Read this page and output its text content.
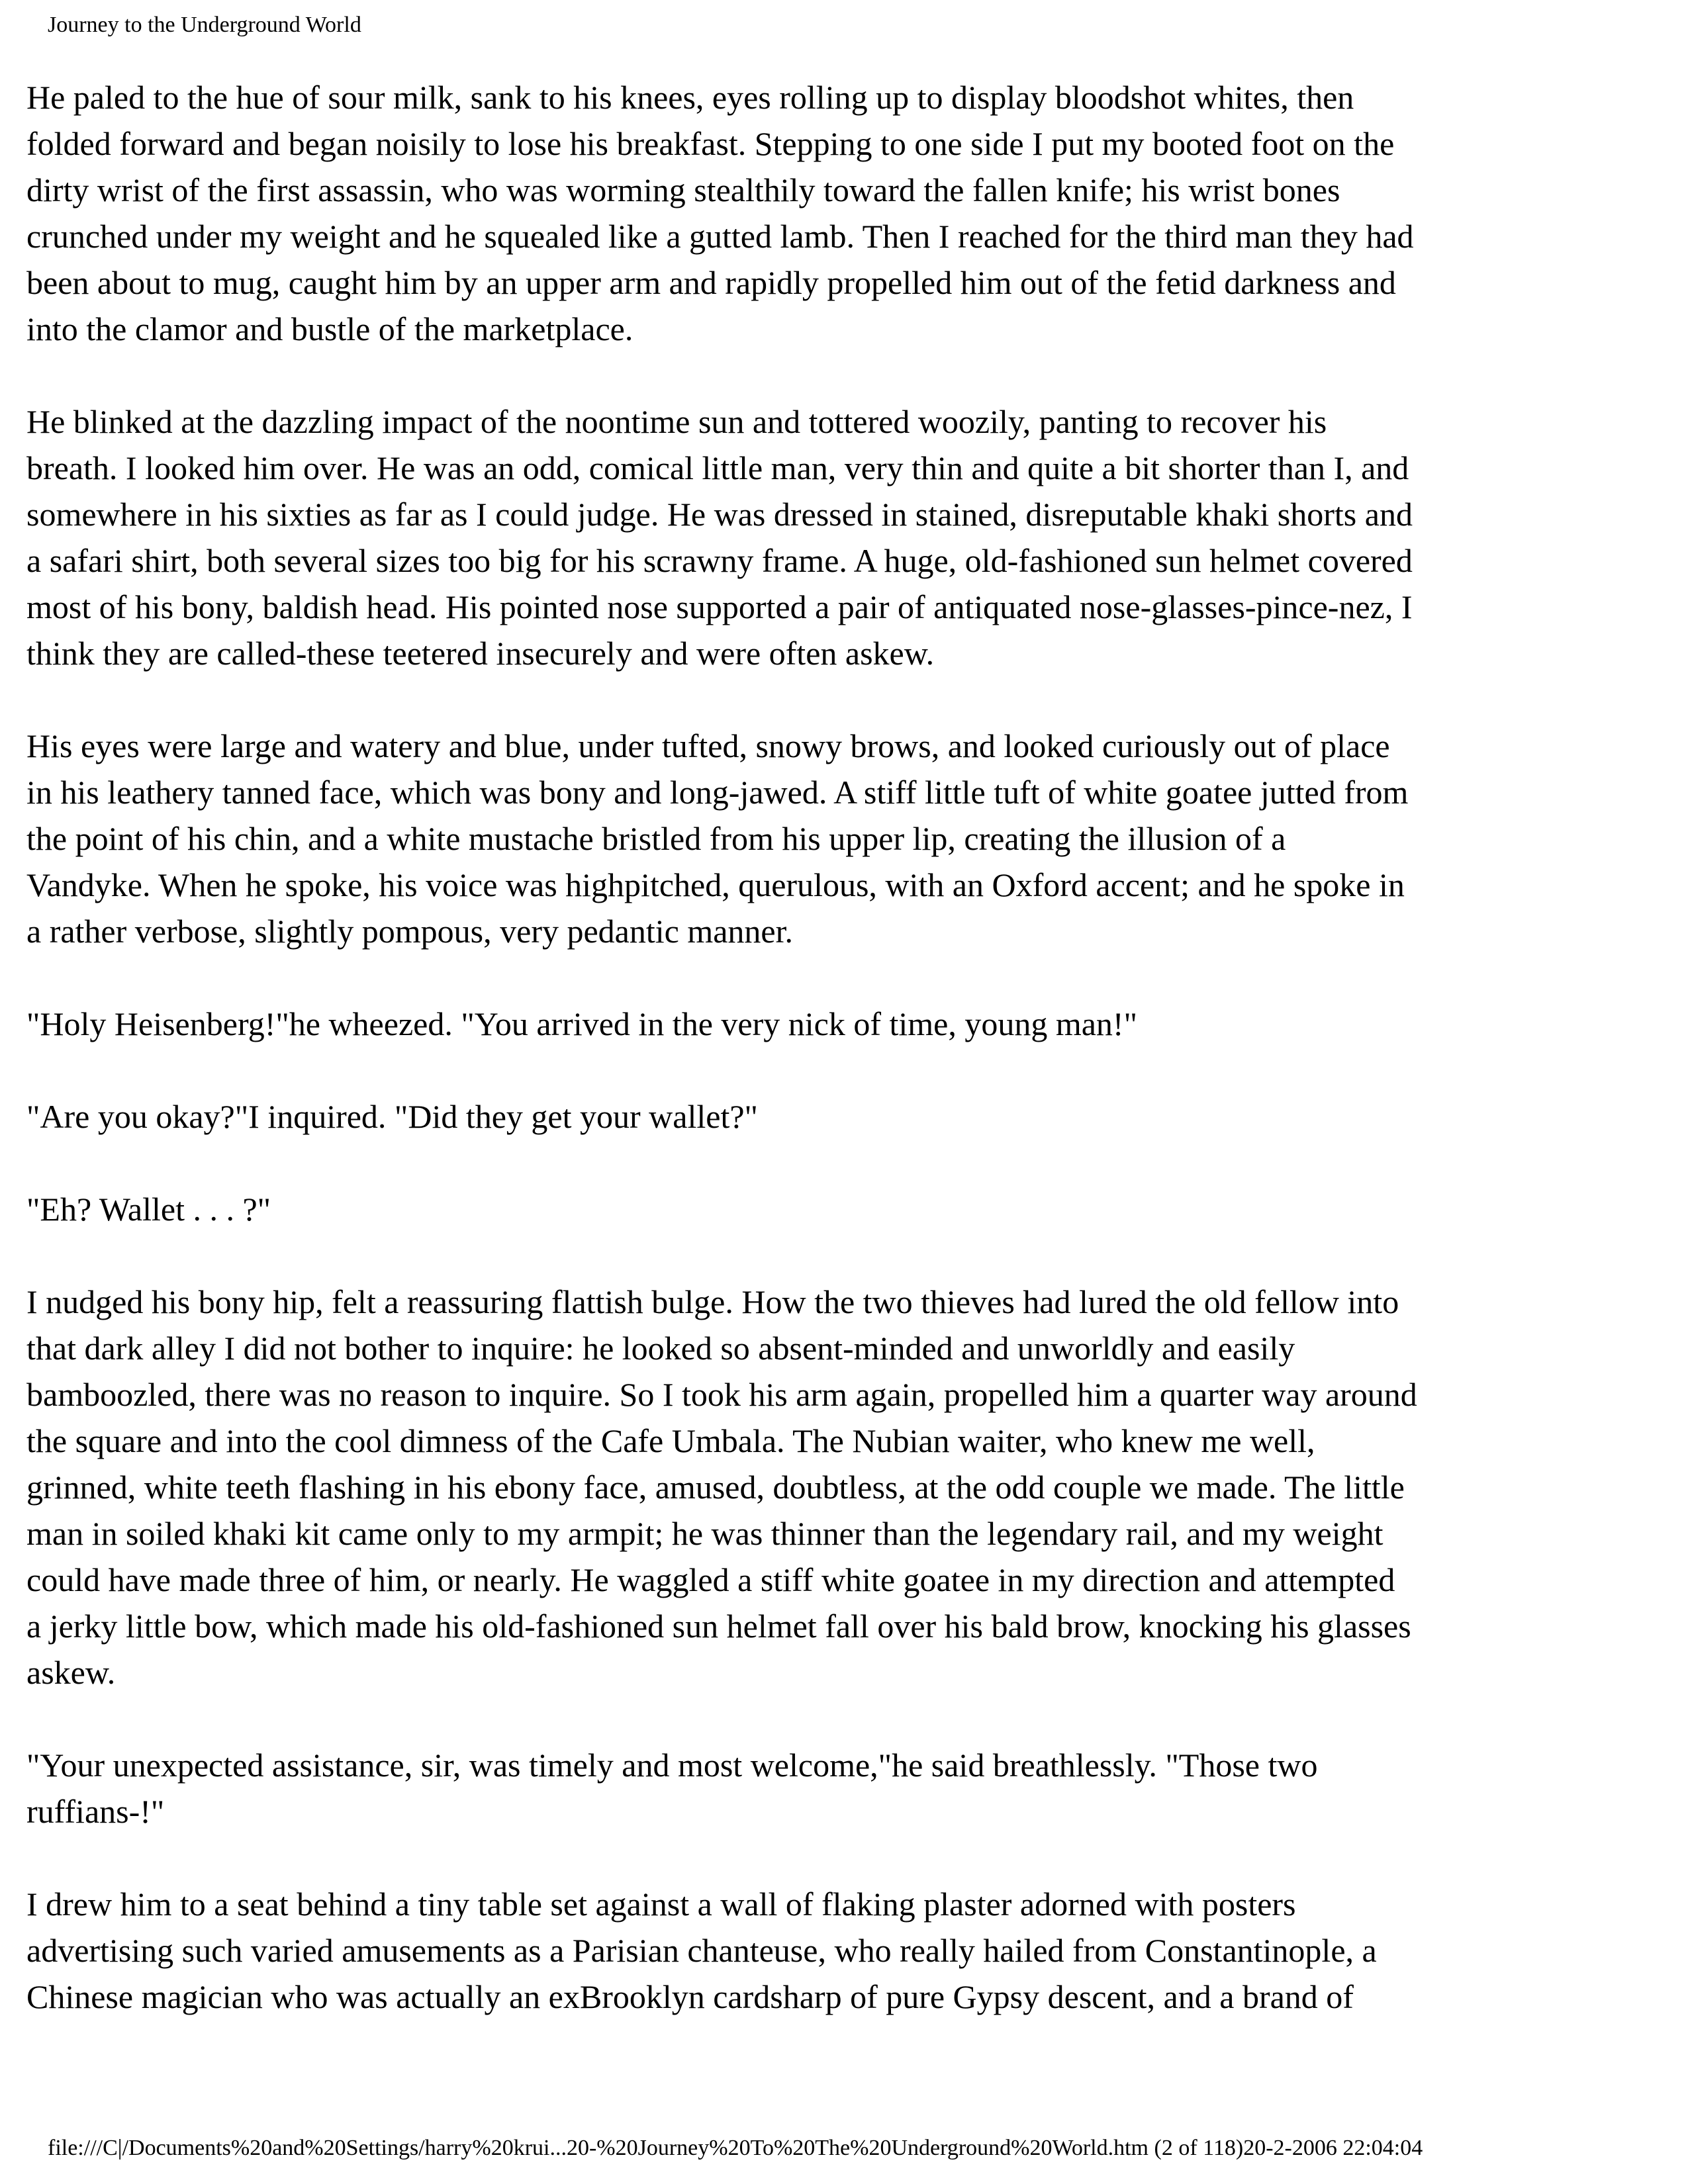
Journey to the Underground World
He paled to the hue of sour milk, sank to his knees, eyes rolling up to display bloodshot whites, then
folded forward and began noisily to lose his breakfast. Stepping to one side I put my booted foot on the
dirty wrist of the first assassin, who was worming stealthily toward the fallen knife; his wrist bones
crunched under my weight and he squealed like a gutted lamb. Then I reached for the third man they had
been about to mug, caught him by an upper arm and rapidly propelled him out of the fetid darkness and
into the clamor and bustle of the marketplace.
He blinked at the dazzling impact of the noontime sun and tottered woozily, panting to recover his
breath. I looked him over. He was an odd, comical little man, very thin and quite a bit shorter than I, and
somewhere in his sixties as far as I could judge. He was dressed in stained, disreputable khaki shorts and
a safari shirt, both several sizes too big for his scrawny frame. A huge, old-fashioned sun helmet covered
most of his bony, baldish head. His pointed nose supported a pair of antiquated nose-glasses-pince-nez, I
think they are called-these teetered insecurely and were often askew.
His eyes were large and watery and blue, under tufted, snowy brows, and looked curiously out of place
in his leathery tanned face, which was bony and long-jawed. A stiff little tuft of white goatee jutted from
the point of his chin, and a white mustache bristled from his upper lip, creating the illusion of a
Vandyke. When he spoke, his voice was highpitched, querulous, with an Oxford accent; and he spoke in
a rather verbose, slightly pompous, very pedantic manner.
"Holy Heisenberg!"he wheezed. "You arrived in the very nick of time, young man!"
"Are you okay?"I inquired. "Did they get your wallet?"
"Eh? Wallet . . . ?"
I nudged his bony hip, felt a reassuring flattish bulge. How the two thieves had lured the old fellow into
that dark alley I did not bother to inquire: he looked so absent-minded and unworldly and easily
bamboozled, there was no reason to inquire. So I took his arm again, propelled him a quarter way around
the square and into the cool dimness of the Cafe Umbala. The Nubian waiter, who knew me well,
grinned, white teeth flashing in his ebony face, amused, doubtless, at the odd couple we made. The little
man in soiled khaki kit came only to my armpit; he was thinner than the legendary rail, and my weight
could have made three of him, or nearly. He waggled a stiff white goatee in my direction and attempted
a jerky little bow, which made his old-fashioned sun helmet fall over his bald brow, knocking his glasses
askew.
"Your unexpected assistance, sir, was timely and most welcome,"he said breathlessly. "Those two
ruffians-!"
I drew him to a seat behind a tiny table set against a wall of flaking plaster adorned with posters
advertising such varied amusements as a Parisian chanteuse, who really hailed from Constantinople, a
Chinese magician who was actually an exBrooklyn cardsharp of pure Gypsy descent, and a brand of
file:///C|/Documents%20and%20Settings/harry%20krui...20-%20Journey%20To%20The%20Underground%20World.htm (2 of 118)20-2-2006 22:04:04
